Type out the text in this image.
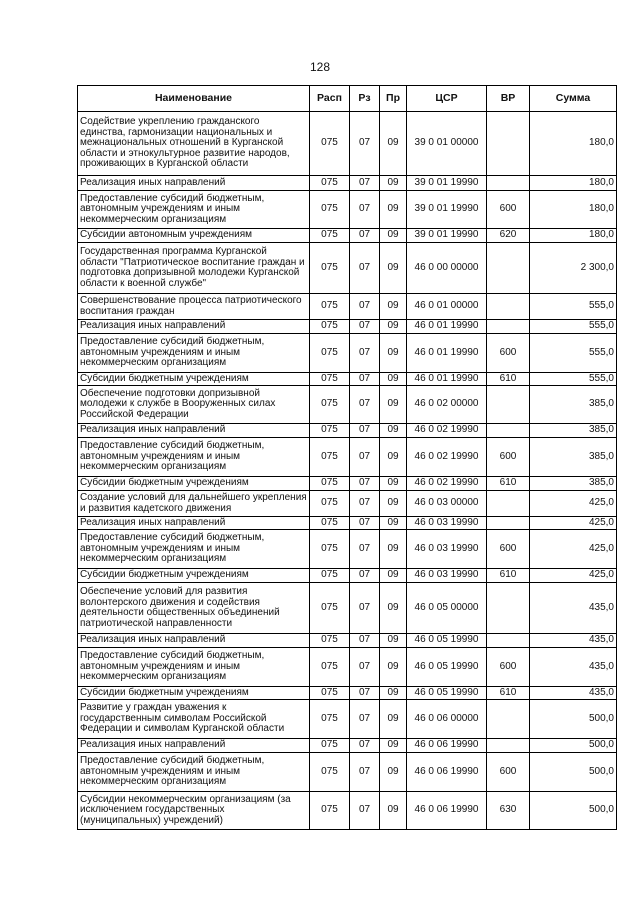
128
Наименование	Расп	Рз	Пр	ЦСР	ВР	Сумма
Содействие укреплению гражданского единства, гармонизации национальных и межнациональных отношений в Курганской области и этнокультурное развитие народов, проживающих в Курганской области	075	07	09	39 0 01 00000		180,0
Реализация иных направлений	075	07	09	39 0 01 19990		180,0
Предоставление субсидий бюджетным, автономным учреждениям и иным некоммерческим организациям	075	07	09	39 0 01 19990	600	180,0
Субсидии автономным учреждениям	075	07	09	39 0 01 19990	620	180,0
Государственная программа Курганской области "Патриотическое воспитание граждан и подготовка допризывной молодежи Курганской области к военной службе"	075	07	09	46 0 00 00000		2 300,0
Совершенствование процесса патриотического воспитания граждан	075	07	09	46 0 01 00000		555,0
Реализация иных направлений	075	07	09	46 0 01 19990		555,0
Предоставление субсидий бюджетным, автономным учреждениям и иным некоммерческим организациям	075	07	09	46 0 01 19990	600	555,0
Субсидии бюджетным учреждениям	075	07	09	46 0 01 19990	610	555,0
Обеспечение подготовки допризывной молодежи к службе в Вооруженных силах Российской Федерации	075	07	09	46 0 02 00000		385,0
Реализация иных направлений	075	07	09	46 0 02 19990		385,0
Предоставление субсидий бюджетным, автономным учреждениям и иным некоммерческим организациям	075	07	09	46 0 02 19990	600	385,0
Субсидии бюджетным учреждениям	075	07	09	46 0 02 19990	610	385,0
Создание условий для дальнейшего укрепления и развития кадетского движения	075	07	09	46 0 03 00000		425,0
Реализация иных направлений	075	07	09	46 0 03 19990		425,0
Предоставление субсидий бюджетным, автономным учреждениям и иным некоммерческим организациям	075	07	09	46 0 03 19990	600	425,0
Субсидии бюджетным учреждениям	075	07	09	46 0 03 19990	610	425,0
Обеспечение условий для развития волонтерского движения и содействия деятельности общественных объединений патриотической направленности	075	07	09	46 0 05 00000		435,0
Реализация иных направлений	075	07	09	46 0 05 19990		435,0
Предоставление субсидий бюджетным, автономным учреждениям и иным некоммерческим организациям	075	07	09	46 0 05 19990	600	435,0
Субсидии бюджетным учреждениям	075	07	09	46 0 05 19990	610	435,0
Развитие у граждан уважения к государственным символам Российской Федерации и символам Курганской области	075	07	09	46 0 06 00000		500,0
Реализация иных направлений	075	07	09	46 0 06 19990		500,0
Предоставление субсидий бюджетным, автономным учреждениям и иным некоммерческим организациям	075	07	09	46 0 06 19990	600	500,0
Субсидии некоммерческим организациям (за исключением государственных (муниципальных) учреждений)	075	07	09	46 0 06 19990	630	500,0
